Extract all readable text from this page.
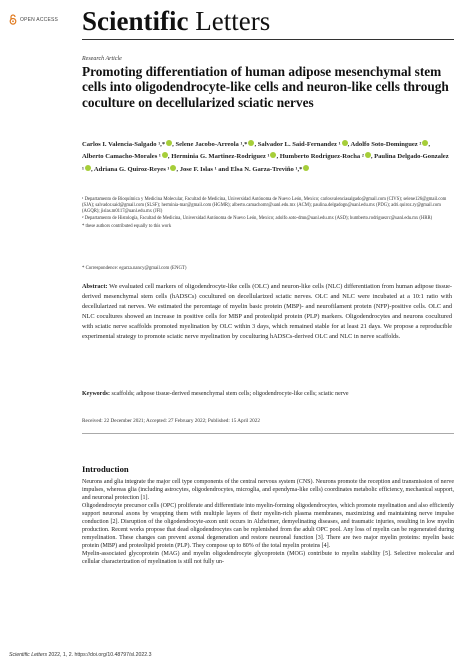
OPEN ACCESS Scientific Letters
Research Article
Promoting differentiation of human adipose mesenchymal stem cells into oligodendrocyte-like cells and neuron-like cells through coculture on decellularized sciatic nerves
Carlos I. Valencia-Salgado ¹,* , Selene Jacobo-Arreola ¹,* , Salvador L. Said-Fernandez ¹ , Adolfo Soto-Dominguez ² , Alberto Camacho-Morales ¹ , Herminia G. Martinez-Rodriguez ¹ , Humberto Rodriguez-Rocha ² , Paulina Delgado-Gonzalez ¹ , Adriana G. Quiroz-Reyes ¹ , Jose F. Islas ¹ and Elsa N. Garza-Treviño ¹,*

¹ Departamento de Bioquímica y Medicina Molecular, Facultad de Medicina, Universidad Autónoma de Nuevo León, Mexico; carlosvalenciasalgado@gmail.com (CIVS); selene126@gmail.com (SJA); salvador.said@gmail.com (SLSF); herminia-mar@gmail.com (HGMR); alberto.camachomr@uanl.edu.mx (ACM); paulina.delgadogn@uanl.edu.mx (PDG); adri.quiroz.ry@gmail.com (AGQR); jislas.m0117@uanl.edu.mx (JFI)

² Departamento de Histología, Facultad de Medicina, Universidad Autónoma de Nuevo León, Mexico; adolfo.soto-dmn@uanl.edu.mx (ASD); humberto.rodriguezrc@uanl.edu.mx (HRR)

* these authors contributed equally to this work

* Correspondence: egarza.nancy@gmail.com (ENGT)
Abstract: We evaluated cell markers of oligodendrocyte-like cells (OLC) and neuron-like cells (NLC) differentiation from human adipose tissue-derived mesenchymal stem cells (hADSCs) cocultured on decellularized sciatic nerves. OLC and NLC were incubated at a 10:1 ratio with decellularized rat nerves. We estimated the percentage of myelin basic protein (MBP)- and neurofilament protein (NFP)-positive cells. OLC and NLC cocultures showed an increase in positive cells for MBP and proteolipid protein (PLP) markers. Oligodendrocytes and neurons cocultured with sciatic nerve scaffolds promoted myelination by OLC within 3 days, which remained stable for at least 21 days. We propose a reproducible experimental strategy to promote sciatic nerve myelination by coculturing hADSCs-derived OLC and NLC in nerve scaffolds.
Keywords: scaffolds; adipose tissue-derived mesenchymal stem cells; oligodendrocyte-like cells; sciatic nerve
Received: 22 December 2021; Accepted: 27 February 2022; Published: 15 April 2022
Introduction

Neurons and glia integrate the major cell type components of the central nervous system (CNS). Neurons promote the reception and transmission of nerve impulses, whereas glia (including astrocytes, oligodendrocytes, microglia, and ependyma-like cells) coordinates metabolic efficiency, mechanical support, and neuronal protection [1].

Oligodendrocyte precursor cells (OPC) proliferate and differentiate into myelin-forming oligodendrocytes, which promote myelination and also efficiently support neuronal axons by wrapping them with multiple layers of their myelin-rich plasma membranes, maximizing and maintaining nerve impulse conduction [2]. Disruption of the oligodendrocyte-axon unit occurs in Alzheimer, demyelinating diseases, and traumatic injuries, resulting in low myelin production. Recent works propose that dead oligodendrocytes can be replenished from the adult OPC pool. Any loss of myelin can be regenerated during remyelination. These changes can prevent axonal degeneration and restore neuronal function [3]. There are two major myelin proteins: myelin basic protein (MBP) and proteolipid protein (PLP). They compose up to 80% of the total myelin proteins [4].

Myelin-associated glycoprotein (MAG) and myelin oligodendrocyte glycoprotein (MOG) contribute to myelin stability [5]. Selective molecular and cellular characterization of myelination is still not fully un-

Scientific Letters 2022, 1, 2. https://doi.org/10.48797/sl.2022.3
